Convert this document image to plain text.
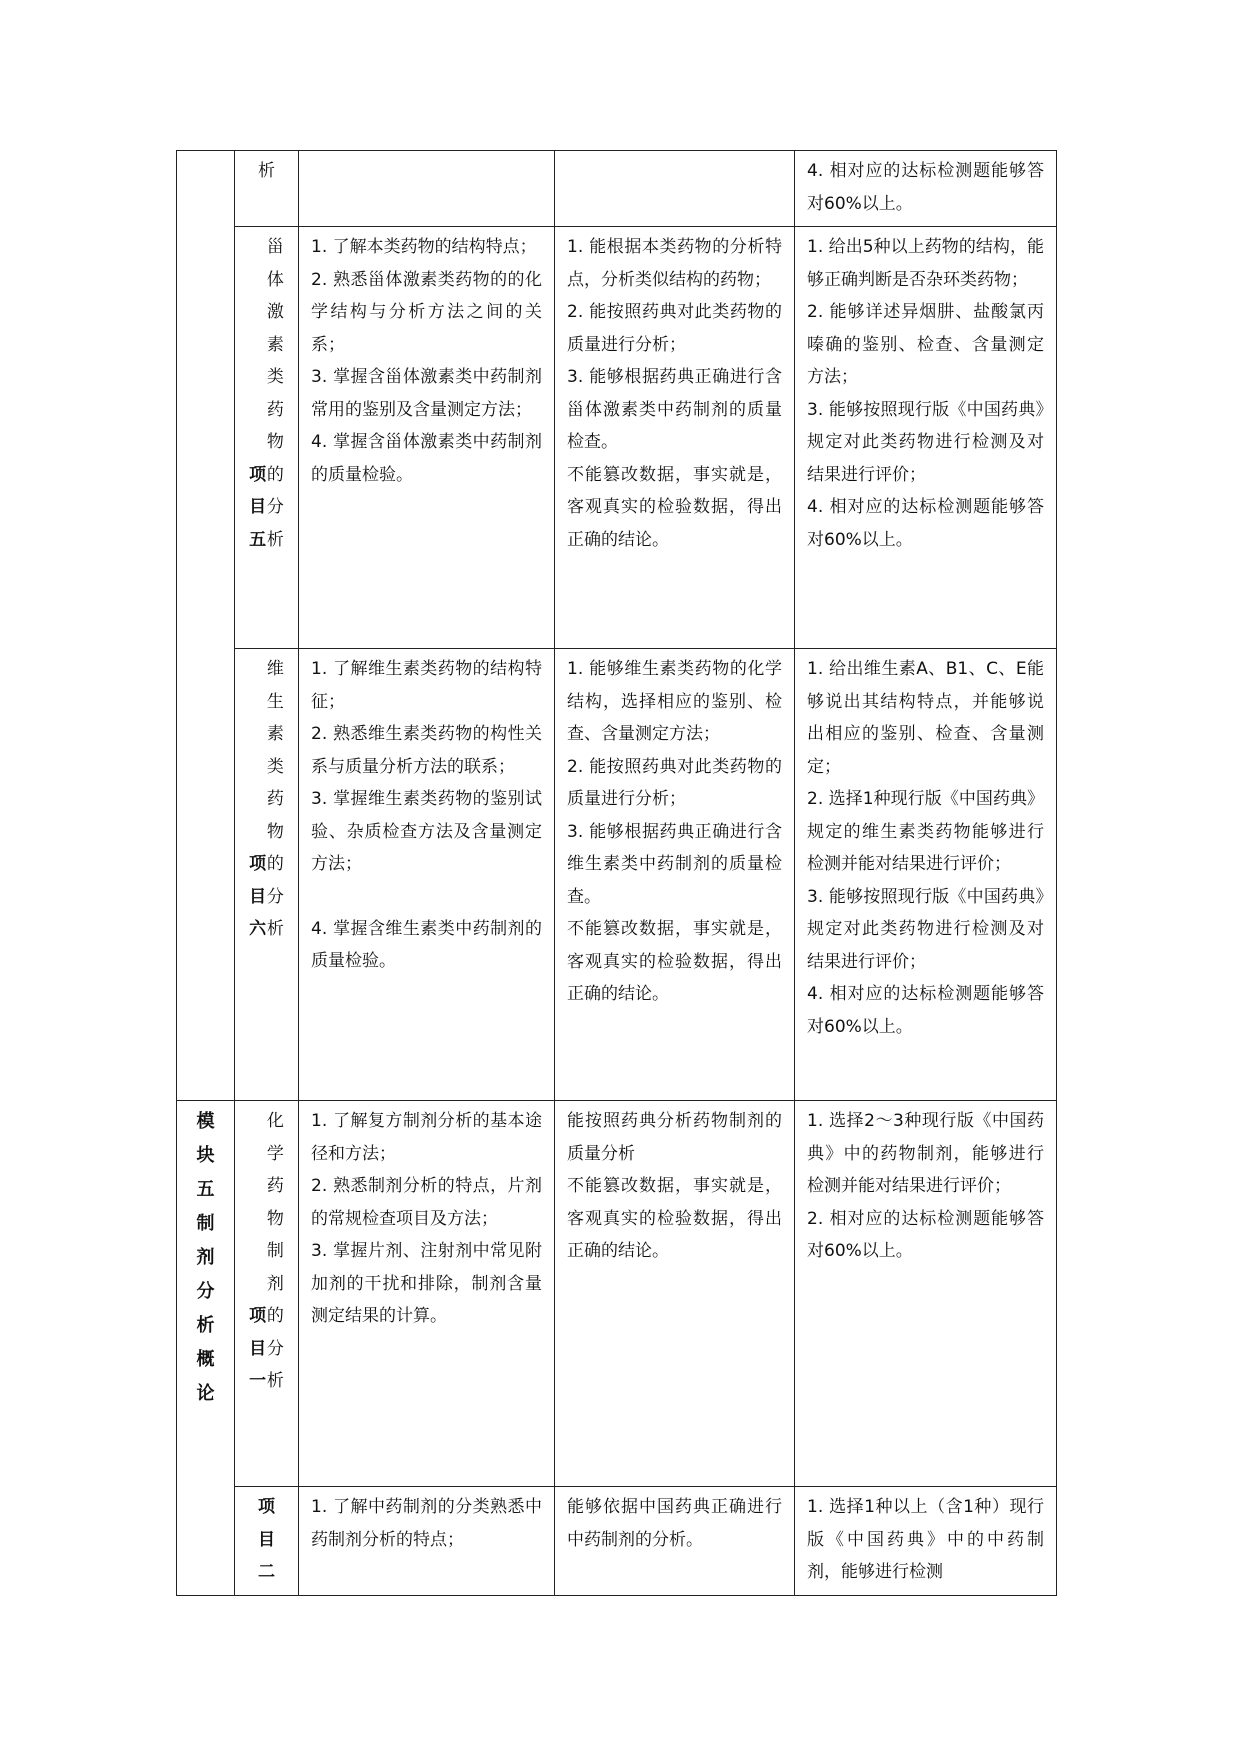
	析			4. 相对应的达标检测题能够答对60%以上。

	项目五甾体激素类药物的分析	1. 了解本类药物的结构特点；
2. 熟悉甾体激素类药物的的化学结构与分析方法之间的关系；
3. 掌握含甾体激素类中药制剂常用的鉴别及含量测定方法；
4. 掌握含甾体激素类中药制剂的质量检验。	1. 能根据本类药物的分析特点，分析类似结构的药物；
2. 能按照药典对此类药物的质量进行分析；
3. 能够根据药典正确进行含甾体激素类中药制剂的质量检查。
不能篡改数据，事实就是，客观真实的检验数据，得出正确的结论。	1. 给出5种以上药物的结构，能够正确判断是否杂环类药物；
2. 能够详述异烟肼、盐酸氯丙嗪确的鉴别、检查、含量测定方法；
3. 能够按照现行版《中国药典》规定对此类药物进行检测及对结果进行评价；
4. 相对应的达标检测题能够答对60%以上。

	项目六维生素类药物的分析	1. 了解维生素类药物的结构特征；
2. 熟悉维生素类药物的构性关系与质量分析方法的联系；
3. 掌握维生素类药物的鉴别试验、杂质检查方法及含量测定方法；
4. 掌握含维生素类中药制剂的质量检验。	1. 能够维生素类药物的化学结构，选择相应的鉴别、检查、含量测定方法；
2. 能按照药典对此类药物的质量进行分析；
3. 能够根据药典正确进行含维生素类中药制剂的质量检查。
不能篡改数据，事实就是，客观真实的检验数据，得出正确的结论。	1. 给出维生素A、B1、C、E能够说出其结构特点，并能够说出相应的鉴别、检查、含量测定；
2. 选择1种现行版《中国药典》规定的维生素类药物能够进行检测并能对结果进行评价；
3. 能够按照现行版《中国药典》规定对此类药物进行检测及对结果进行评价；
4. 相对应的达标检测题能够答对60%以上。

模块五制剂分析概论	项目一化学药物制剂的分析	1. 了解复方制剂分析的基本途径和方法；
2. 熟悉制剂分析的特点，片剂的常规检查项目及方法；
3. 掌握片剂、注射剂中常见附加剂的干扰和排除，制剂含量测定结果的计算。	能按照药典分析药物制剂的质量分析
不能篡改数据，事实就是，客观真实的检验数据，得出正确的结论。	1. 选择2～3种现行版《中国药典》中的药物制剂，能够进行检测并能对结果进行评价；
2. 相对应的达标检测题能够答对60%以上。

	项目二	1. 了解中药制剂的分类熟悉中药制剂分析的特点；	能够依据中国药典正确进行中药制剂的分析。	1. 选择1种以上（含1种）现行版《中国药典》中的中药制剂，能够进行检测
